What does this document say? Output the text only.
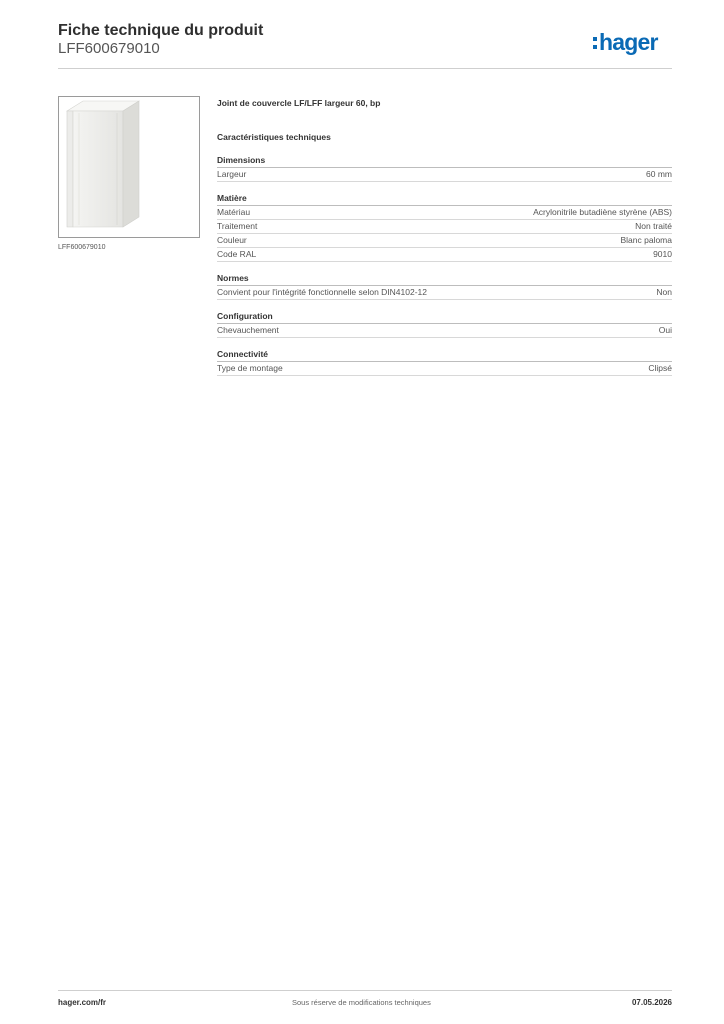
Fiche technique du produit
LFF600679010	hager
LFF600679010
Joint de couvercle LF/LFF largeur 60, bp
Caractéristiques techniques
Dimensions
Largeur	60 mm
Matière
Matériau	Acrylonitrile butadiène styrène (ABS)
Traitement	Non traité
Couleur	Blanc paloma
Code RAL	9010
Normes
Convient pour l'intégrité fonctionnelle selon DIN4102-12	Non
Configuration
Chevauchement	Oui
Connectivité
Type de montage	Clipsé
hager.com/fr	Sous réserve de modifications techniques	07.05.2026
